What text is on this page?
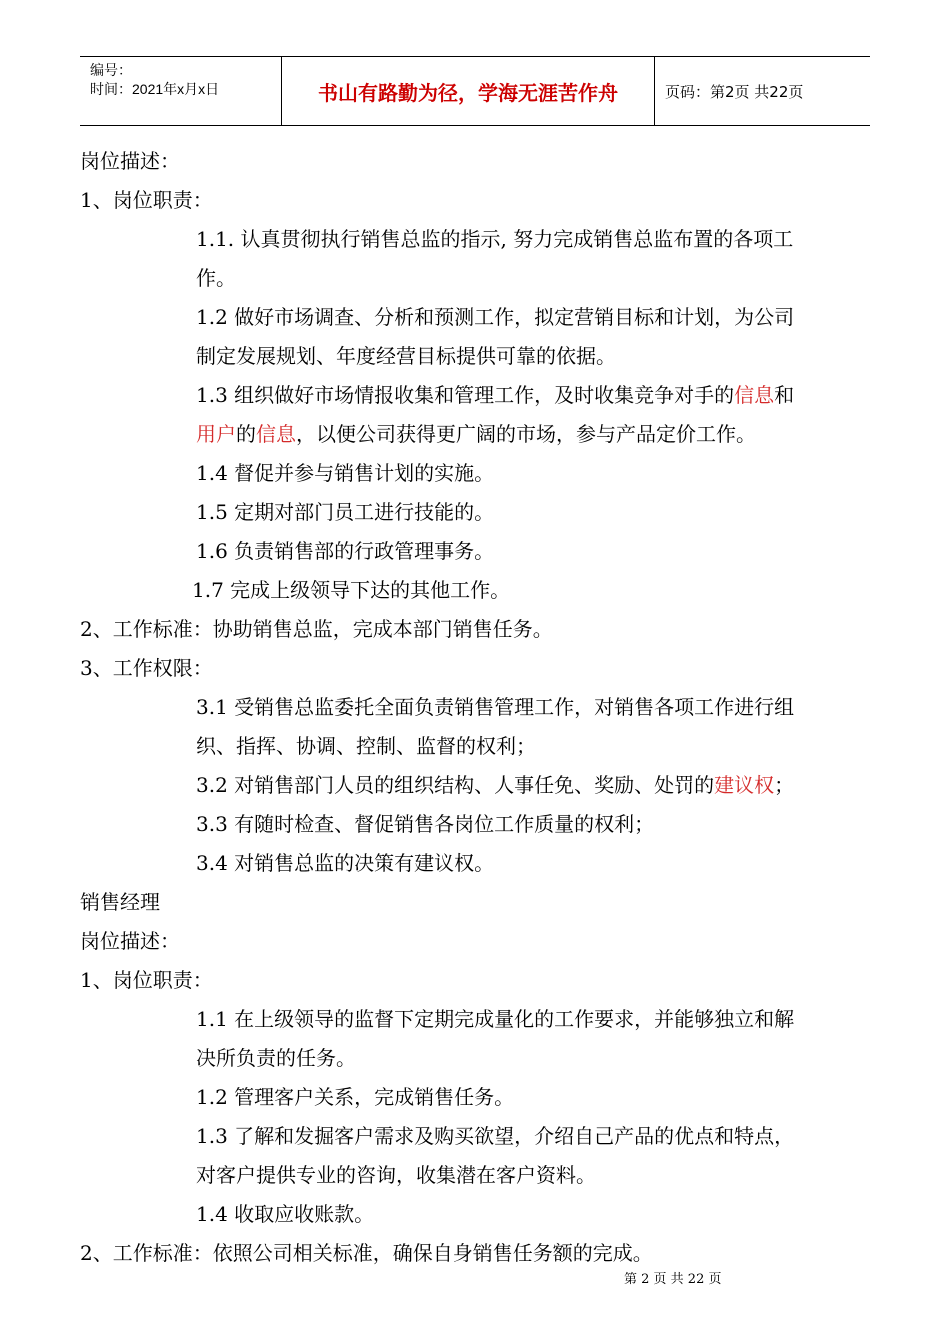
编号：
时间：2021年x月x日	书山有路勤为径，学海无涯苦作舟	页码：第2页 共22页
岗位描述：
1、岗位职责：
1.1. 认真贯彻执行销售总监的指示, 努力完成销售总监布置的各项工
作。
1.2 做好市场调查、分析和预测工作，拟定营销目标和计划，为公司
制定发展规划、年度经营目标提供可靠的依据。
1.3 组织做好市场情报收集和管理工作，及时收集竞争对手的信息和
用户的信息，以便公司获得更广阔的市场，参与产品定价工作。
1.4 督促并参与销售计划的实施。
1.5 定期对部门员工进行技能的。
1.6 负责销售部的行政管理事务。
1.7 完成上级领导下达的其他工作。
2、工作标准：协助销售总监，完成本部门销售任务。
3、工作权限：
3.1 受销售总监委托全面负责销售管理工作，对销售各项工作进行组
织、指挥、协调、控制、监督的权利；
3.2 对销售部门人员的组织结构、人事任免、奖励、处罚的建议权；
3.3 有随时检查、督促销售各岗位工作质量的权利；
3.4 对销售总监的决策有建议权。
销售经理
岗位描述：
1、岗位职责：
1.1 在上级领导的监督下定期完成量化的工作要求，并能够独立和解
决所负责的任务。
1.2 管理客户关系，完成销售任务。
1.3 了解和发掘客户需求及购买欲望，介绍自己产品的优点和特点，
对客户提供专业的咨询，收集潜在客户资料。
1.4 收取应收账款。
2、工作标准：依照公司相关标准，确保自身销售任务额的完成。
第 2 页 共 22 页
